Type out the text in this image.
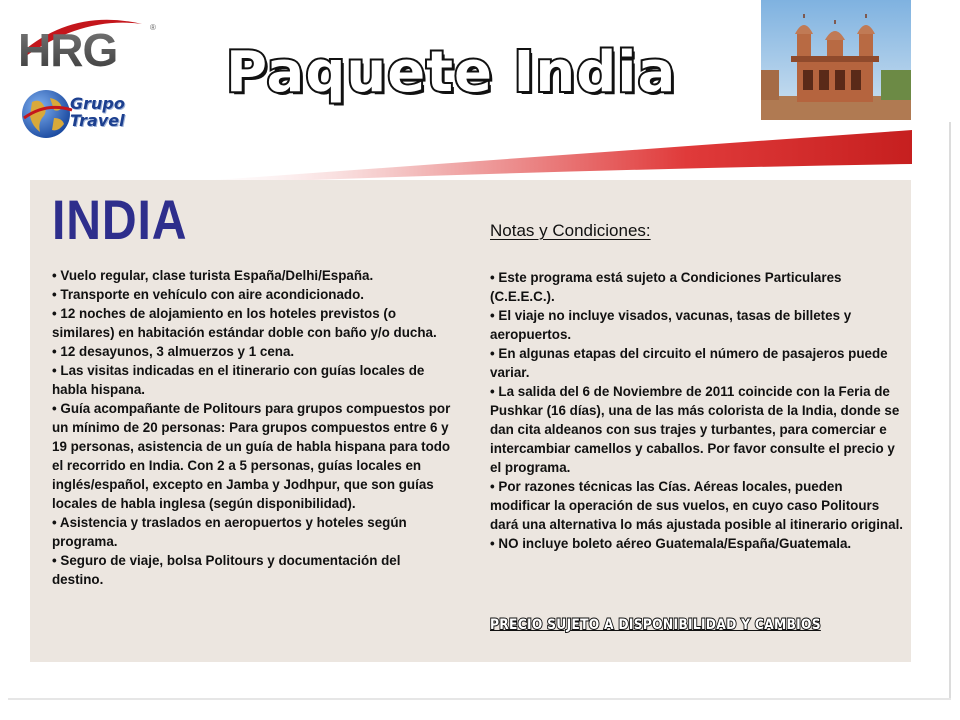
HRG	®
Grupo
Travel
Paquete India
INDIA
• Vuelo regular, clase turista España/Delhi/España.
• Transporte en vehículo con aire acondicionado.
• 12 noches de alojamiento en los hoteles previstos (o similares) en habitación estándar doble con baño y/o ducha.
• 12 desayunos, 3 almuerzos y 1 cena.
• Las visitas indicadas en el itinerario con guías locales de habla hispana.
• Guía acompañante de Politours para grupos compuestos por un mínimo de 20 personas: Para grupos compuestos entre 6 y 19 personas, asistencia de un guía de habla hispana para todo el recorrido en India. Con 2 a 5 personas, guías locales en inglés/español, excepto en Jamba y Jodhpur, que son guías locales de habla inglesa (según disponibilidad).
• Asistencia y traslados en aeropuertos y hoteles según programa.
• Seguro de viaje, bolsa Politours y documentación del destino.
Notas y Condiciones:
• Este programa está sujeto a Condiciones Particulares (C.E.E.C.).
• El viaje no incluye visados, vacunas, tasas de billetes y aeropuertos.
• En algunas etapas del circuito el número de pasajeros puede variar.
• La salida del 6 de Noviembre de 2011 coincide con la Feria de Pushkar (16 días), una de las más colorista de la India, donde se dan cita aldeanos con sus trajes y turbantes, para comerciar e intercambiar camellos y caballos. Por favor consulte el precio y el programa.
• Por razones técnicas las Cías. Aéreas locales, pueden modificar la operación de sus vuelos, en cuyo caso Politours dará una alternativa lo más ajustada posible al itinerario original.
• NO incluye boleto aéreo Guatemala/España/Guatemala.
PRECIO SUJETO A DISPONIBILIDAD Y CAMBIOS
